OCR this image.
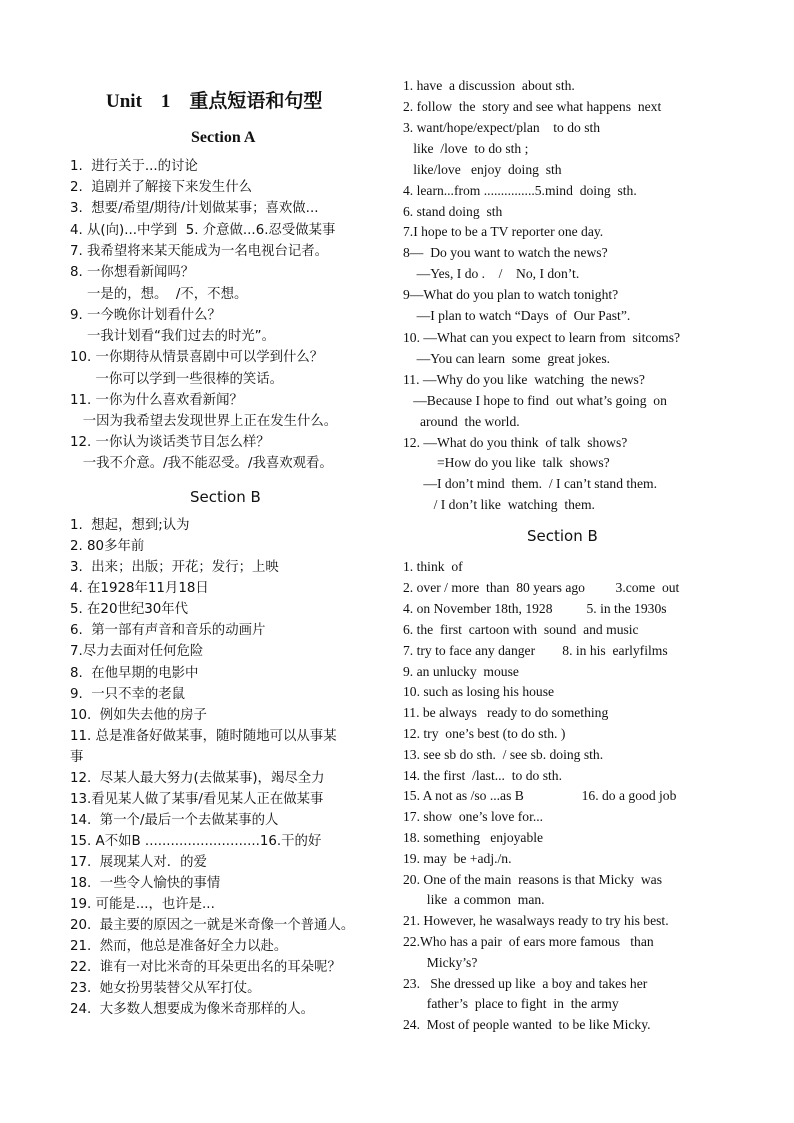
Unit    1    重点短语和句型
Section A
1.  进行关于...的讨论
2.  追剧并了解接下来发生什么
3.  想要/希望/期待/计划做某事；喜欢做...
4. 从(向)...中学到  5. 介意做...6.忍受做某事
7. 我希望将来某天能成为一名电视台记者。
8. 一你想看新闻吗？
一是的，想。  /不，不想。
9. 一今晚你计划看什么？
一我计划看“我们过去的时光”。
10. 一你期待从情景喜剧中可以学到什么？
一你可以学到一些很棒的笑话。
11. 一你为什么喜欢看新闻？
一因为我希望去发现世界上正在发生什么。
12. 一你认为谈话类节目怎么样？
一我不介意。/我不能忍受。/我喜欢观看。
Section B
1.  想起，想到;认为
2. 80多年前
3.  出来；出版；开花；发行；上映
4. 在1928年11月18日
5. 在20世纪30年代
6.  第一部有声音和音乐的动画片
7.尽力去面对任何危险
8.  在他早期的电影中
9.  一只不幸的老鼠
10.  例如失去他的房子
11. 总是准备好做某事，随时随地可以从事某
事
12.  尽某人最大努力(去做某事)，竭尽全力
13.看见某人做了某事/看见某人正在做某事
14.  第一个/最后一个去做某事的人
15. A不如B ...........................16.干的好
17.  展现某人对．的爱
18.  一些令人愉快的事情
19. 可能是...，也许是...
20.  最主要的原因之一就是米奇像一个普通人。
21.  然而，他总是准备好全力以赴。
22.  谁有一对比米奇的耳朵更出名的耳朵呢？
23.  她女扮男装替父从军打仗。
24.  大多数人想要成为像米奇那样的人。
1. have  a discussion  about sth.
2. follow  the  story and see what happens  next
3. want/hope/expect/plan    to do sth
like  /love  to do sth ;
like/love   enjoy  doing  sth
4. learn...from ...............5.mind  doing  sth.
6. stand doing  sth
7.I hope to be a TV reporter one day.
8—  Do you want to watch the news?
—Yes, I do .    /    No, I don’t.
9—What do you plan to watch tonight?
—I plan to watch “Days  of  Our Past”.
10. —What can you expect to learn from  sitcoms?
—You can learn  some  great jokes.
11. —Why do you like  watching  the news?
—Because I hope to find  out what’s going  on
around  the world.
12. —What do you think  of talk  shows?
=How do you like  talk  shows?
—I don’t mind  them.  / I can’t stand them.
/ I don’t like  watching  them.
Section B
1. think  of
2. over / more  than  80 years ago         3.come  out
4. on November 18th, 1928          5. in the 1930s
6. the  first  cartoon with  sound  and music
7. try to face any danger        8. in his  earlyfilms
9. an unlucky  mouse
10. such as losing his house
11. be always   ready to do something
12. try  one’s best (to do sth. )
13. see sb do sth.  / see sb. doing sth.
14. the first  /last...  to do sth.
15. A not as /so ...as B                 16. do a good job
17. show  one’s love for...
18. something   enjoyable
19. may  be +adj./n.
20. One of the main  reasons is that Micky  was
like  a common  man.
21. However, he wasalways ready to try his best.
22.Who has a pair  of ears more famous   than
Micky’s?
23.   She dressed up like  a boy and takes her
father’s  place to fight  in  the army
24.  Most of people wanted  to be like Micky.
